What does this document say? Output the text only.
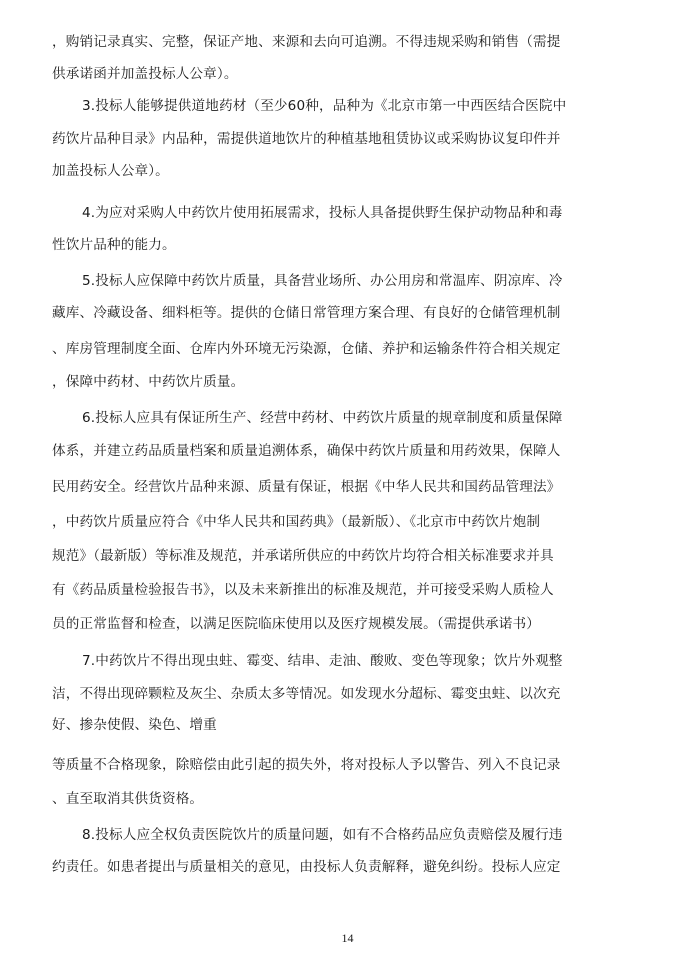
，购销记录真实、完整，保证产地、来源和去向可追溯。不得违规采购和销售（需提
供承诺函并加盖投标人公章）。
3.投标人能够提供道地药材（至少60种，品种为《北京市第一中西医结合医院中
药饮片品种目录》内品种，需提供道地饮片的种植基地租赁协议或采购协议复印件并
加盖投标人公章）。
4.为应对采购人中药饮片使用拓展需求，投标人具备提供野生保护动物品种和毒
性饮片品种的能力。
5.投标人应保障中药饮片质量，具备营业场所、办公用房和常温库、阴凉库、冷
藏库、冷藏设备、细料柜等。提供的仓储日常管理方案合理、有良好的仓储管理机制
、库房管理制度全面、仓库内外环境无污染源，仓储、养护和运输条件符合相关规定
，保障中药材、中药饮片质量。
6.投标人应具有保证所生产、经营中药材、中药饮片质量的规章制度和质量保障
体系，并建立药品质量档案和质量追溯体系，确保中药饮片质量和用药效果，保障人
民用药安全。经营饮片品种来源、质量有保证，根据《中华人民共和国药品管理法》
，中药饮片质量应符合《中华人民共和国药典》（最新版）、《北京市中药饮片炮制
规范》（最新版）等标准及规范，并承诺所供应的中药饮片均符合相关标准要求并具
有《药品质量检验报告书》，以及未来新推出的标准及规范，并可接受采购人质检人
员的正常监督和检查，以满足医院临床使用以及医疗规模发展。（需提供承诺书）
7.中药饮片不得出现虫蛀、霉变、结串、走油、酸败、变色等现象；饮片外观整
洁，不得出现碎颗粒及灰尘、杂质太多等情况。如发现水分超标、霉变虫蛀、以次充
好、掺杂使假、染色、增重
等质量不合格现象，除赔偿由此引起的损失外，将对投标人予以警告、列入不良记录
、直至取消其供货资格。
8.投标人应全权负责医院饮片的质量问题，如有不合格药品应负责赔偿及履行违
约责任。如患者提出与质量相关的意见，由投标人负责解释，避免纠纷。投标人应定
14
